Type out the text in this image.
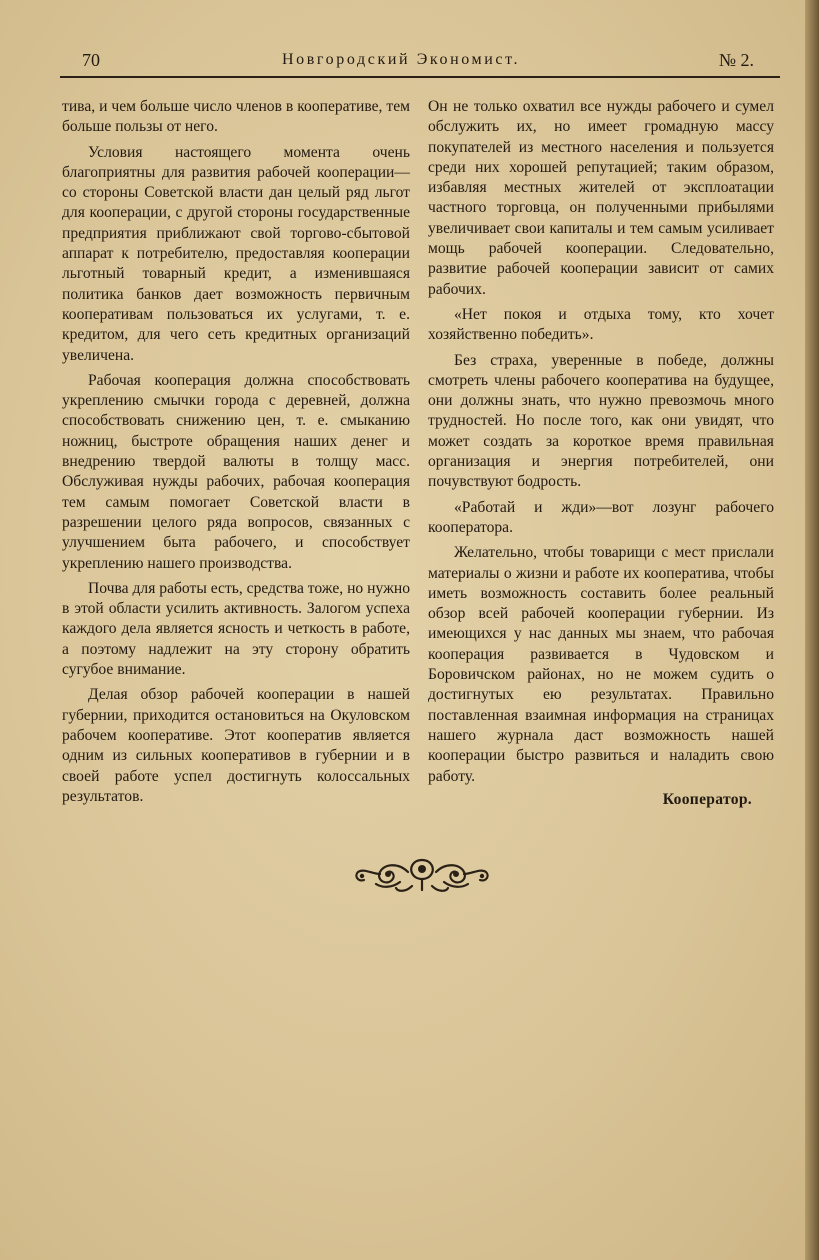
70	Новгородский Экономист.	№ 2.

тива, и чем больше число членов в кооперативе, тем больше пользы от него.

Условия настоящего момента очень благоприятны для развития рабочей кооперации—со стороны Советской власти дан целый ряд льгот для кооперации, с другой стороны государственные предприятия приближают свой торгово-сбытовой аппарат к потребителю, предоставляя кооперации льготный товарный кредит, а изменившаяся политика банков дает возможность первичным кооперативам пользоваться их услугами, т. е. кредитом, для чего сеть кредитных организаций увеличена.

Рабочая кооперация должна способствовать укреплению смычки города с деревней, должна способствовать снижению цен, т. е. смыканию ножниц, быстроте обращения наших денег и внедрению твердой валюты в толщу масс. Обслуживая нужды рабочих, рабочая кооперация тем самым помогает Советской власти в разрешении целого ряда вопросов, связанных с улучшением быта рабочего, и способствует укреплению нашего производства.

Почва для работы есть, средства тоже, но нужно в этой области усилить активность. Залогом успеха каждого дела является ясность и четкость в работе, а поэтому надлежит на эту сторону обратить сугубое внимание.

Делая обзор рабочей кооперации в нашей губернии, приходится остановиться на Окуловском рабочем кооперативе. Этот кооператив является одним из сильных кооперативов в губернии и в своей работе успел достигнуть колоссальных результатов.

Он не только охватил все нужды рабочего и сумел обслужить их, но имеет громадную массу покупателей из местного населения и пользуется среди них хорошей репутацией; таким образом, избавляя местных жителей от эксплоатации частного торговца, он полученными прибылями увеличивает свои капиталы и тем самым усиливает мощь рабочей кооперации. Следовательно, развитие рабочей кооперации зависит от самих рабочих.

«Нет покоя и отдыха тому, кто хочет хозяйственно победить».

Без страха, уверенные в победе, должны смотреть члены рабочего кооператива на будущее, они должны знать, что нужно превозмочь много трудностей. Но после того, как они увидят, что может создать за короткое время правильная организация и энергия потребителей, они почувствуют бодрость.

«Работай и жди»—вот лозунг рабочего кооператора.

Желательно, чтобы товарищи с мест прислали материалы о жизни и работе их кооператива, чтобы иметь возможность составить более реальный обзор всей рабочей кооперации губернии. Из имеющихся у нас данных мы знаем, что рабочая кооперация развивается в Чудовском и Боровичском районах, но не можем судить о достигнутых ею результатах. Правильно поставленная взаимная информация на страницах нашего журнала даст возможность нашей кооперации быстро развиться и наладить свою работу.

Кооператор.
